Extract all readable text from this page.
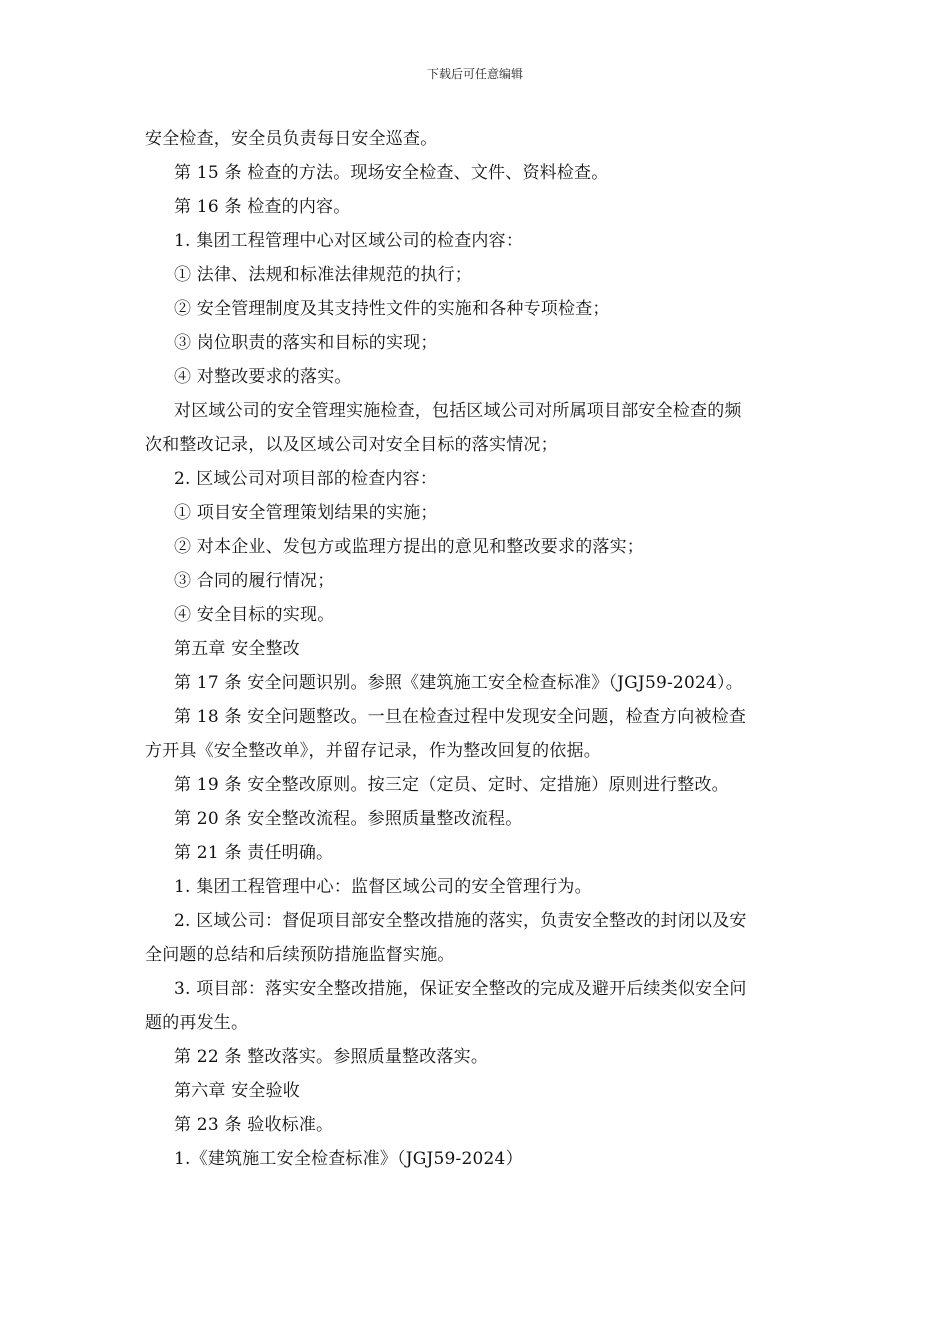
下载后可任意编辑
安全检查，安全员负责每日安全巡查。
第 15 条 检查的方法。现场安全检查、文件、资料检查。
第 16 条 检查的内容。
1. 集团工程管理中心对区域公司的检查内容：
① 法律、法规和标准法律规范的执行；
② 安全管理制度及其支持性文件的实施和各种专项检查；
③ 岗位职责的落实和目标的实现；
④ 对整改要求的落实。
对区域公司的安全管理实施检查，包括区域公司对所属项目部安全检查的频
次和整改记录，以及区域公司对安全目标的落实情况；
2. 区域公司对项目部的检查内容：
① 项目安全管理策划结果的实施；
② 对本企业、发包方或监理方提出的意见和整改要求的落实；
③ 合同的履行情况；
④ 安全目标的实现。
第五章 安全整改
第 17 条 安全问题识别。参照《建筑施工安全检查标准》（JGJ59-2024）。
第 18 条 安全问题整改。一旦在检查过程中发现安全问题，检查方向被检查
方开具《安全整改单》，并留存记录，作为整改回复的依据。
第 19 条 安全整改原则。按三定（定员、定时、定措施）原则进行整改。
第 20 条 安全整改流程。参照质量整改流程。
第 21 条 责任明确。
1. 集团工程管理中心：监督区域公司的安全管理行为。
2. 区域公司：督促项目部安全整改措施的落实，负责安全整改的封闭以及安
全问题的总结和后续预防措施监督实施。
3. 项目部：落实安全整改措施，保证安全整改的完成及避开后续类似安全问
题的再发生。
第 22 条 整改落实。参照质量整改落实。
第六章 安全验收
第 23 条 验收标准。
1.《建筑施工安全检查标准》（JGJ59-2024）
